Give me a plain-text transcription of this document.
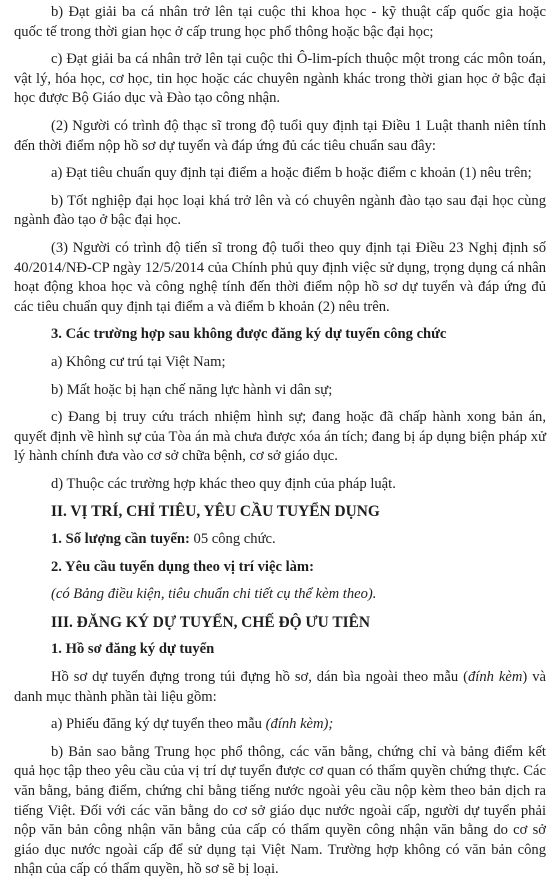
b) Đạt giải ba cá nhân trở lên tại cuộc thi khoa học - kỹ thuật cấp quốc gia hoặc quốc tế trong thời gian học ở cấp trung học phổ thông hoặc bậc đại học;

c) Đạt giải ba cá nhân trở lên tại cuộc thi Ô-lim-pích thuộc một trong các môn toán, vật lý, hóa học, cơ học, tin học hoặc các chuyên ngành khác trong thời gian học ở bậc đại học được Bộ Giáo dục và Đào tạo công nhận.

(2) Người có trình độ thạc sĩ trong độ tuổi quy định tại Điều 1 Luật thanh niên tính đến thời điểm nộp hồ sơ dự tuyển và đáp ứng đủ các tiêu chuẩn sau đây:

a) Đạt tiêu chuẩn quy định tại điểm a hoặc điểm b hoặc điểm c khoản (1) nêu trên;

b) Tốt nghiệp đại học loại khá trở lên và có chuyên ngành đào tạo sau đại học cùng ngành đào tạo ở bậc đại học.

(3) Người có trình độ tiến sĩ trong độ tuổi theo quy định tại Điều 23 Nghị định số 40/2014/NĐ-CP ngày 12/5/2014 của Chính phủ quy định việc sử dụng, trọng dụng cá nhân hoạt động khoa học và công nghệ tính đến thời điểm nộp hồ sơ dự tuyển và đáp ứng đủ các tiêu chuẩn quy định tại điểm a và điểm b khoản (2) nêu trên.

3. Các trường hợp sau không được đăng ký dự tuyển công chức

a) Không cư trú tại Việt Nam;

b) Mất hoặc bị hạn chế năng lực hành vi dân sự;

c) Đang bị truy cứu trách nhiệm hình sự; đang hoặc đã chấp hành xong bản án, quyết định về hình sự của Tòa án mà chưa được xóa án tích; đang bị áp dụng biện pháp xử lý hành chính đưa vào cơ sở chữa bệnh, cơ sở giáo dục.

d) Thuộc các trường hợp khác theo quy định của pháp luật.

II. VỊ TRÍ, CHỈ TIÊU, YÊU CẦU TUYỂN DỤNG

1. Số lượng cần tuyển: 05 công chức.

2. Yêu cầu tuyển dụng theo vị trí việc làm:

(có Bảng điều kiện, tiêu chuẩn chi tiết cụ thể kèm theo).

III. ĐĂNG KÝ DỰ TUYỂN, CHẾ ĐỘ ƯU TIÊN

1. Hồ sơ đăng ký dự tuyển

Hồ sơ dự tuyển đựng trong túi đựng hồ sơ, dán bìa ngoài theo mẫu (đính kèm) và danh mục thành phần tài liệu gồm:

a) Phiếu đăng ký dự tuyển theo mẫu (đính kèm);

b) Bản sao bằng Trung học phổ thông, các văn bằng, chứng chỉ và bảng điểm kết quả học tập theo yêu cầu của vị trí dự tuyển được cơ quan có thẩm quyền chứng thực. Các văn bằng, bảng điểm, chứng chỉ bằng tiếng nước ngoài yêu cầu nộp kèm theo bản dịch ra tiếng Việt. Đối với các văn bằng do cơ sở giáo dục nước ngoài cấp, người dự tuyển phải nộp văn bản công nhận văn bằng của cấp có thẩm quyền công nhận văn bằng do cơ sở giáo dục nước ngoài cấp để sử dụng tại Việt Nam. Trường hợp không có văn bản công nhận của cấp có thẩm quyền, hồ sơ sẽ bị loại.
